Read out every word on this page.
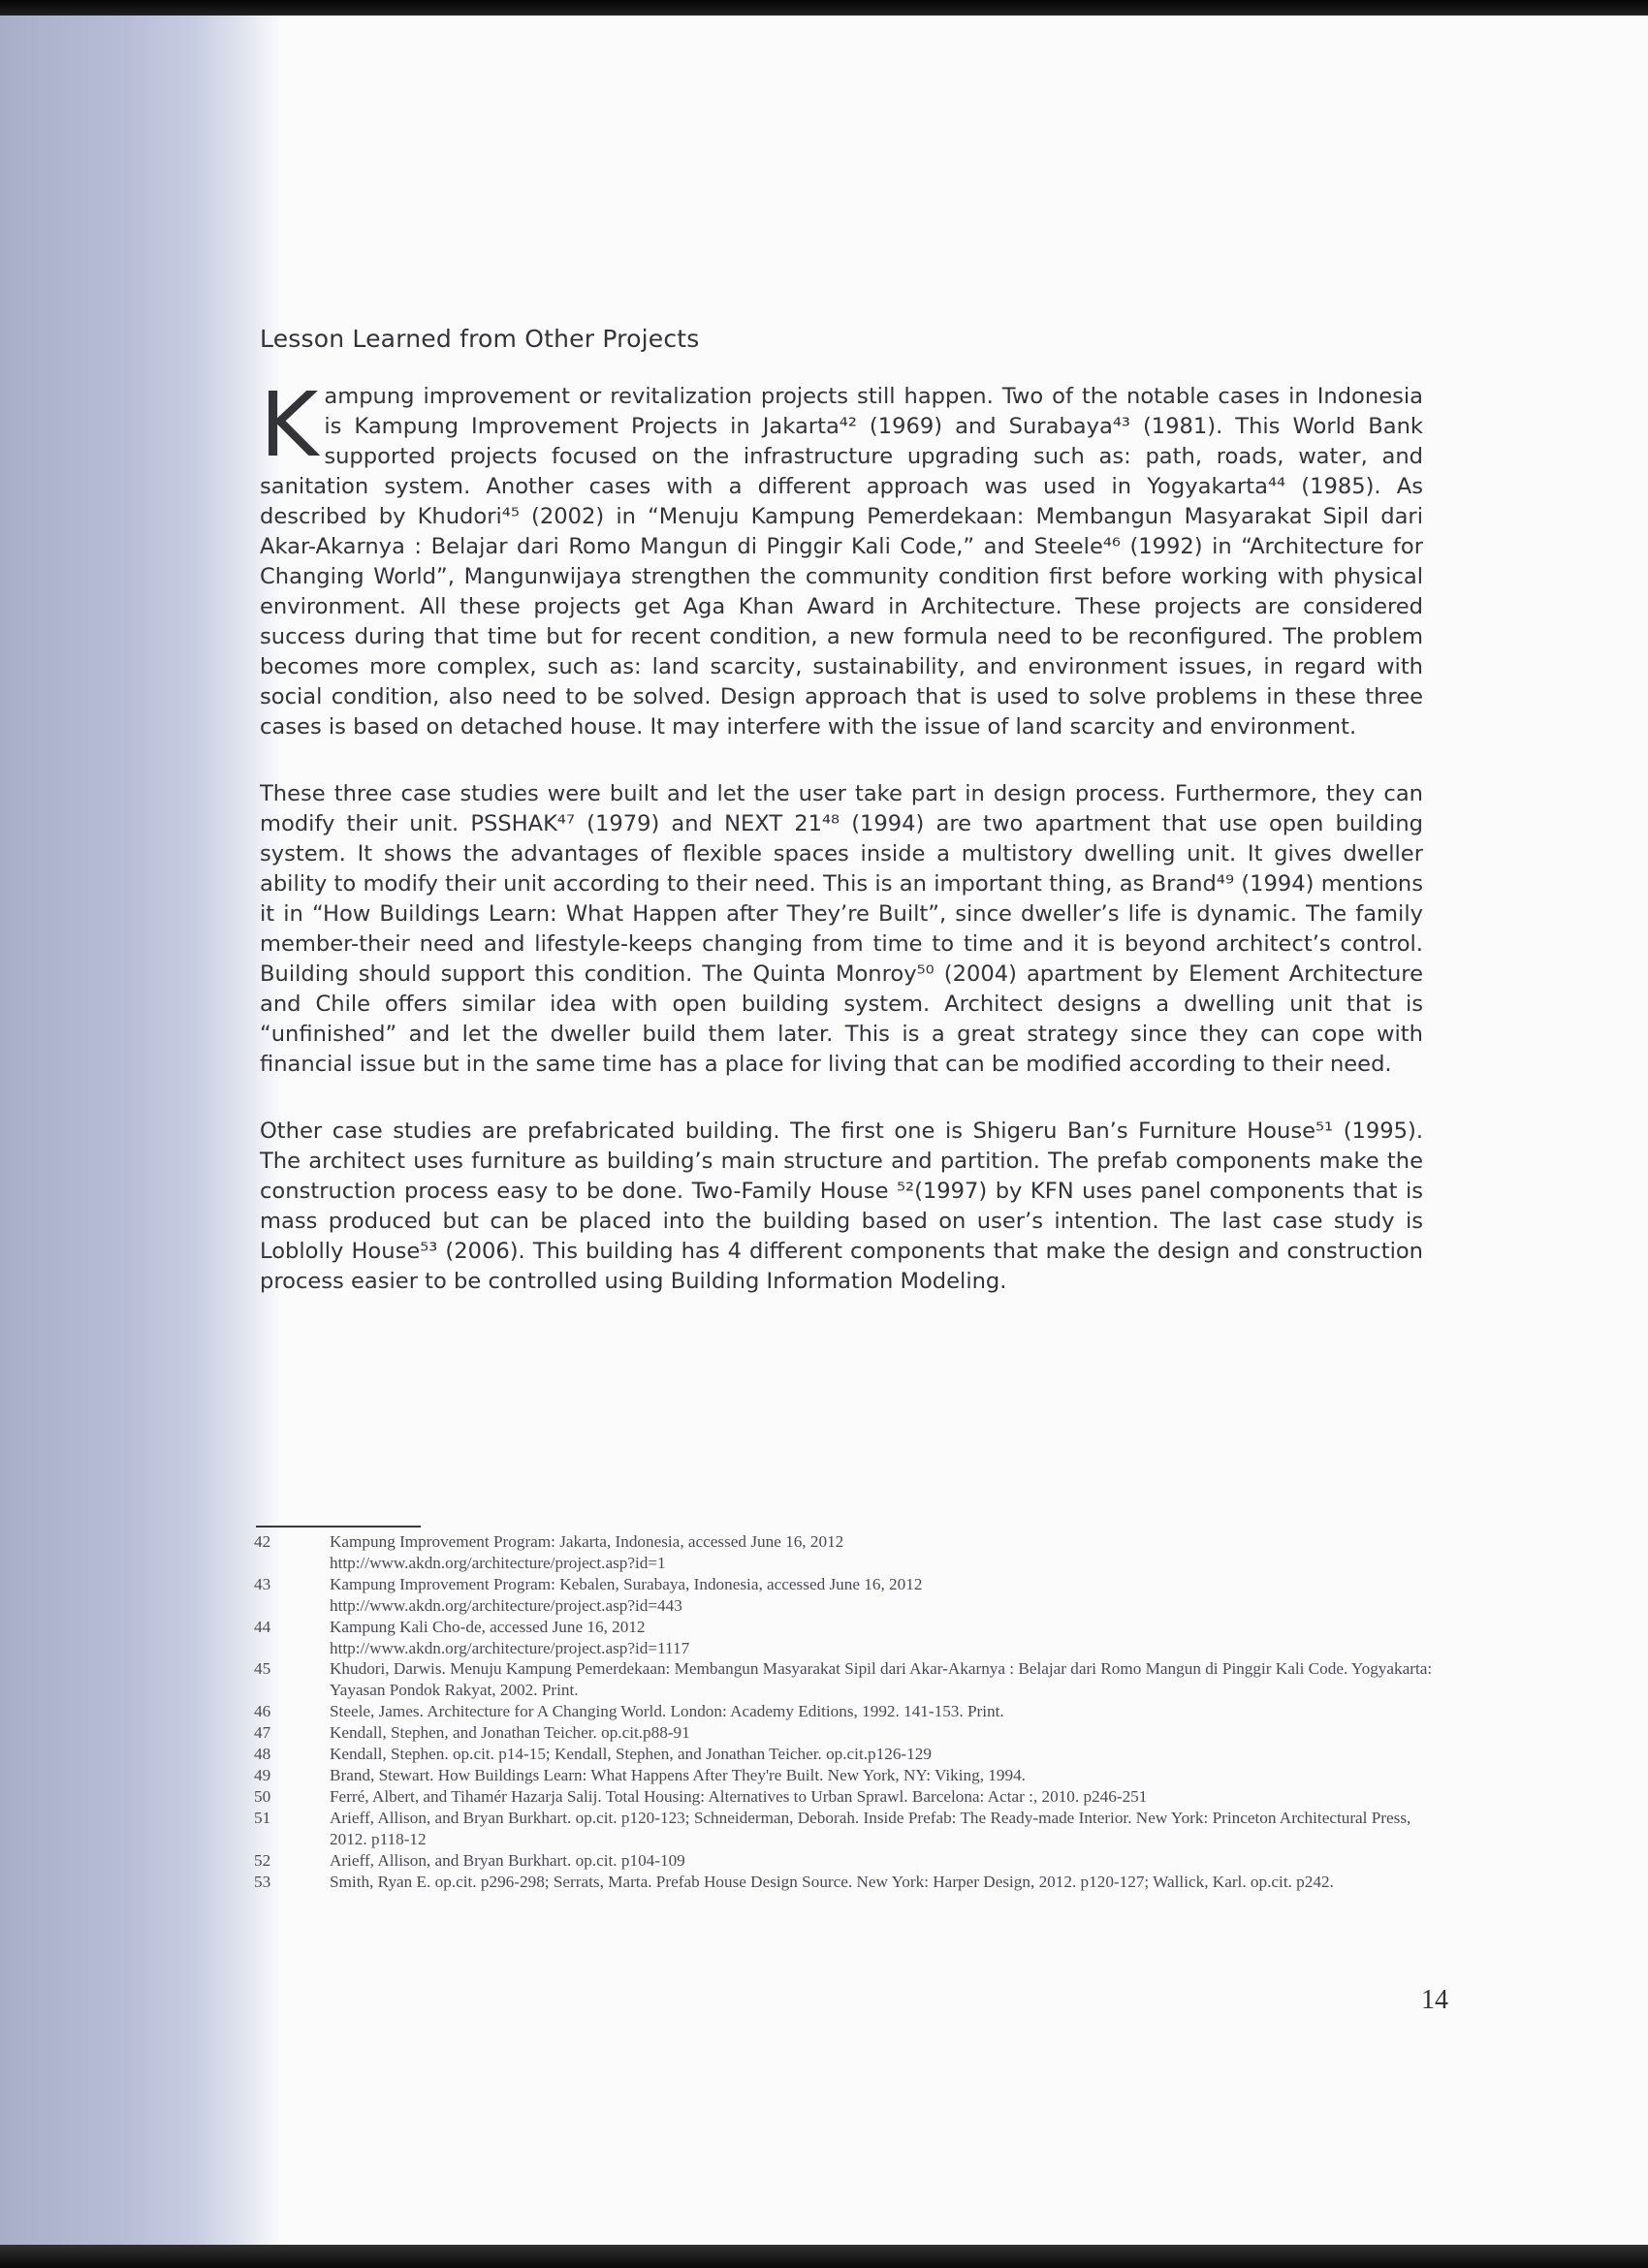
Lesson Learned from Other Projects

Kampung improvement or revitalization projects still happen. Two of the notable cases in Indonesia is Kampung Improvement Projects in Jakarta⁴² (1969) and Surabaya⁴³ (1981). This World Bank supported projects focused on the infrastructure upgrading such as: path, roads, water, and sanitation system. Another cases with a different approach was used in Yogyakarta⁴⁴ (1985). As described by Khudori⁴⁵ (2002) in “Menuju Kampung Pemerdekaan: Membangun Masyarakat Sipil dari Akar-Akarnya : Belajar dari Romo Mangun di Pinggir Kali Code,” and Steele⁴⁶ (1992) in “Architecture for Changing World”, Mangunwijaya strengthen the community condition first before working with physical environment. All these projects get Aga Khan Award in Architecture. These projects are considered success during that time but for recent condition, a new formula need to be reconfigured. The problem becomes more complex, such as: land scarcity, sustainability, and environment issues, in regard with social condition, also need to be solved. Design approach that is used to solve problems in these three cases is based on detached house. It may interfere with the issue of land scarcity and environment.

These three case studies were built and let the user take part in design process. Furthermore, they can modify their unit. PSSHAK⁴⁷ (1979) and NEXT 21⁴⁸ (1994) are two apartment that use open building system. It shows the advantages of flexible spaces inside a multistory dwelling unit. It gives dweller ability to modify their unit according to their need. This is an important thing, as Brand⁴⁹ (1994) mentions it in “How Buildings Learn: What Happen after They’re Built”, since dweller’s life is dynamic. The family member-their need and lifestyle-keeps changing from time to time and it is beyond architect’s control. Building should support this condition. The Quinta Monroy⁵⁰ (2004) apartment by Element Architecture and Chile offers similar idea with open building system. Architect designs a dwelling unit that is “unfinished” and let the dweller build them later. This is a great strategy since they can cope with financial issue but in the same time has a place for living that can be modified according to their need.

Other case studies are prefabricated building. The first one is Shigeru Ban’s Furniture House⁵¹ (1995). The architect uses furniture as building’s main structure and partition. The prefab components make the construction process easy to be done. Two-Family House ⁵²(1997) by KFN uses panel components that is mass produced but can be placed into the building based on user’s intention. The last case study is Loblolly House⁵³ (2006). This building has 4 different components that make the design and construction process easier to be controlled using Building Information Modeling.

42	Kampung Improvement Program: Jakarta, Indonesia, accessed June 16, 2012
http://www.akdn.org/architecture/project.asp?id=1
43	Kampung Improvement Program: Kebalen, Surabaya, Indonesia, accessed June 16, 2012
http://www.akdn.org/architecture/project.asp?id=443
44	Kampung Kali Cho-de, accessed June 16, 2012
http://www.akdn.org/architecture/project.asp?id=1117
45	Khudori, Darwis. Menuju Kampung Pemerdekaan: Membangun Masyarakat Sipil dari Akar-Akarnya : Belajar dari Romo Mangun di Pinggir Kali Code. Yogyakarta: Yayasan Pondok Rakyat, 2002. Print.
46	Steele, James. Architecture for A Changing World. London: Academy Editions, 1992. 141-153. Print.
47	Kendall, Stephen, and Jonathan Teicher. op.cit.p88-91
48	Kendall, Stephen. op.cit. p14-15; Kendall, Stephen, and Jonathan Teicher. op.cit.p126-129
49	Brand, Stewart. How Buildings Learn: What Happens After They're Built. New York, NY: Viking, 1994.
50	Ferré, Albert, and Tihamér Hazarja Salij. Total Housing: Alternatives to Urban Sprawl. Barcelona: Actar :, 2010. p246-251
51	Arieff, Allison, and Bryan Burkhart. op.cit. p120-123; Schneiderman, Deborah. Inside Prefab: The Ready-made Interior. New York: Princeton Architectural Press, 2012. p118-12
52	Arieff, Allison, and Bryan Burkhart. op.cit. p104-109
53	Smith, Ryan E. op.cit. p296-298; Serrats, Marta. Prefab House Design Source. New York: Harper Design, 2012. p120-127; Wallick, Karl. op.cit. p242.
14
